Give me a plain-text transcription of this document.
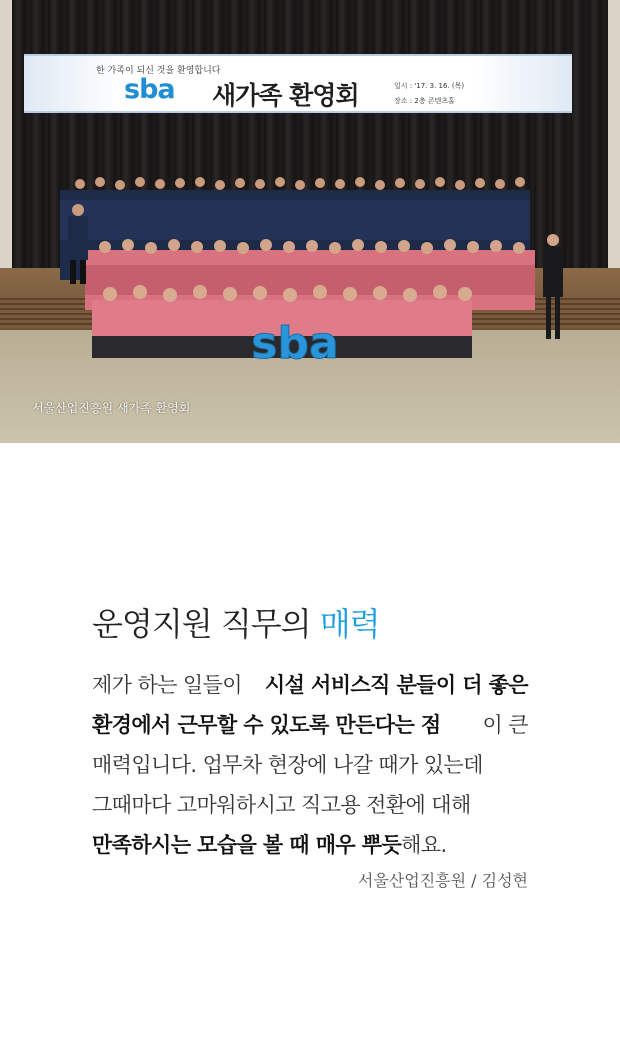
한 가족이 되신 것을 환영합니다
sba 새가족 환영회	일시 : '17. 3. 16. (목)
장소 : 2층 콘텐츠홀
sba
서울산업진흥원 새가족 환영회
운영지원 직무의 매력
제가 하는 일들이 시설 서비스직 분들이 더 좋은
환경에서 근무할 수 있도록 만든다는 점 이 큰
매력입니다. 업무차 현장에 나갈 때가 있는데
그때마다 고마워하시고 직고용 전환에 대해
만족하시는 모습을 볼 때 매우 뿌듯해요.
서울산업진흥원 / 김성현
